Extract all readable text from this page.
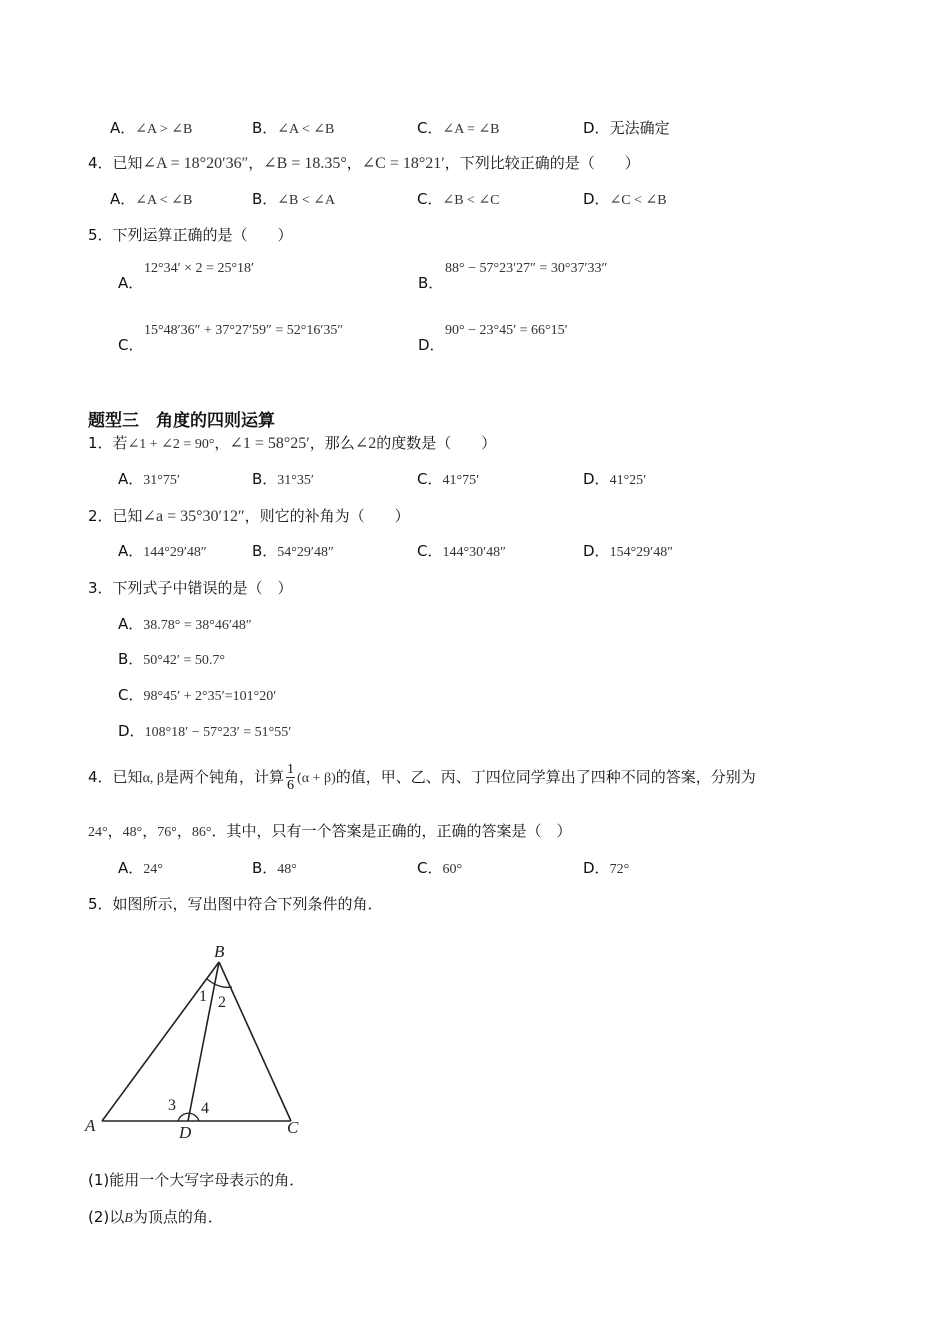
A．∠A > ∠B	B．∠A < ∠B	C．∠A = ∠B	D．无法确定
4．已知∠A = 18°20′36″，∠B = 18.35°，∠C = 18°21′，下列比较正确的是（　　）
A．∠A < ∠B	B．∠B < ∠A	C．∠B < ∠C	D．∠C < ∠B
5．下列运算正确的是（　　）
A．
12°34′ × 2 = 25°18′
B．
88° − 57°23′27″ = 30°37′33″
C．
15°48′36″ + 37°27′59″ = 52°16′35″
D．
90° − 23°45′ = 66°15′
题型三　角度的四则运算
1．若∠1 + ∠2 = 90°，∠1 = 58°25′，那么∠2的度数是（　　）
A．31°75′	B．31°35′	C．41°75′	D．41°25′
2．已知∠a = 35°30′12″，则它的补角为（　　）
A．144°29′48″	B．54°29′48″	C．144°30′48″	D．154°29′48″
3．下列式子中错误的是（　）
A．38.78° = 38°46′48″
B．50°42′ = 50.7°
C．98°45′ + 2°35′=101°20′
D．108°18′ − 57°23′ = 51°55′
4．已知α, β是两个钝角，计算 $\frac{1}{6} (\alpha + \beta)$的值，甲、乙、丙、丁四位同学算出了四种不同的答案，分别为
24°，48°，76°，86°．其中，只有一个答案是正确的，正确的答案是（　）
A．24°	B．48°	C．60°	D．72°
5．如图所示，写出图中符合下列条件的角．
B
A	C
D
1 2
3 4
(1)能用一个大写字母表示的角．
(2)以B为顶点的角．
